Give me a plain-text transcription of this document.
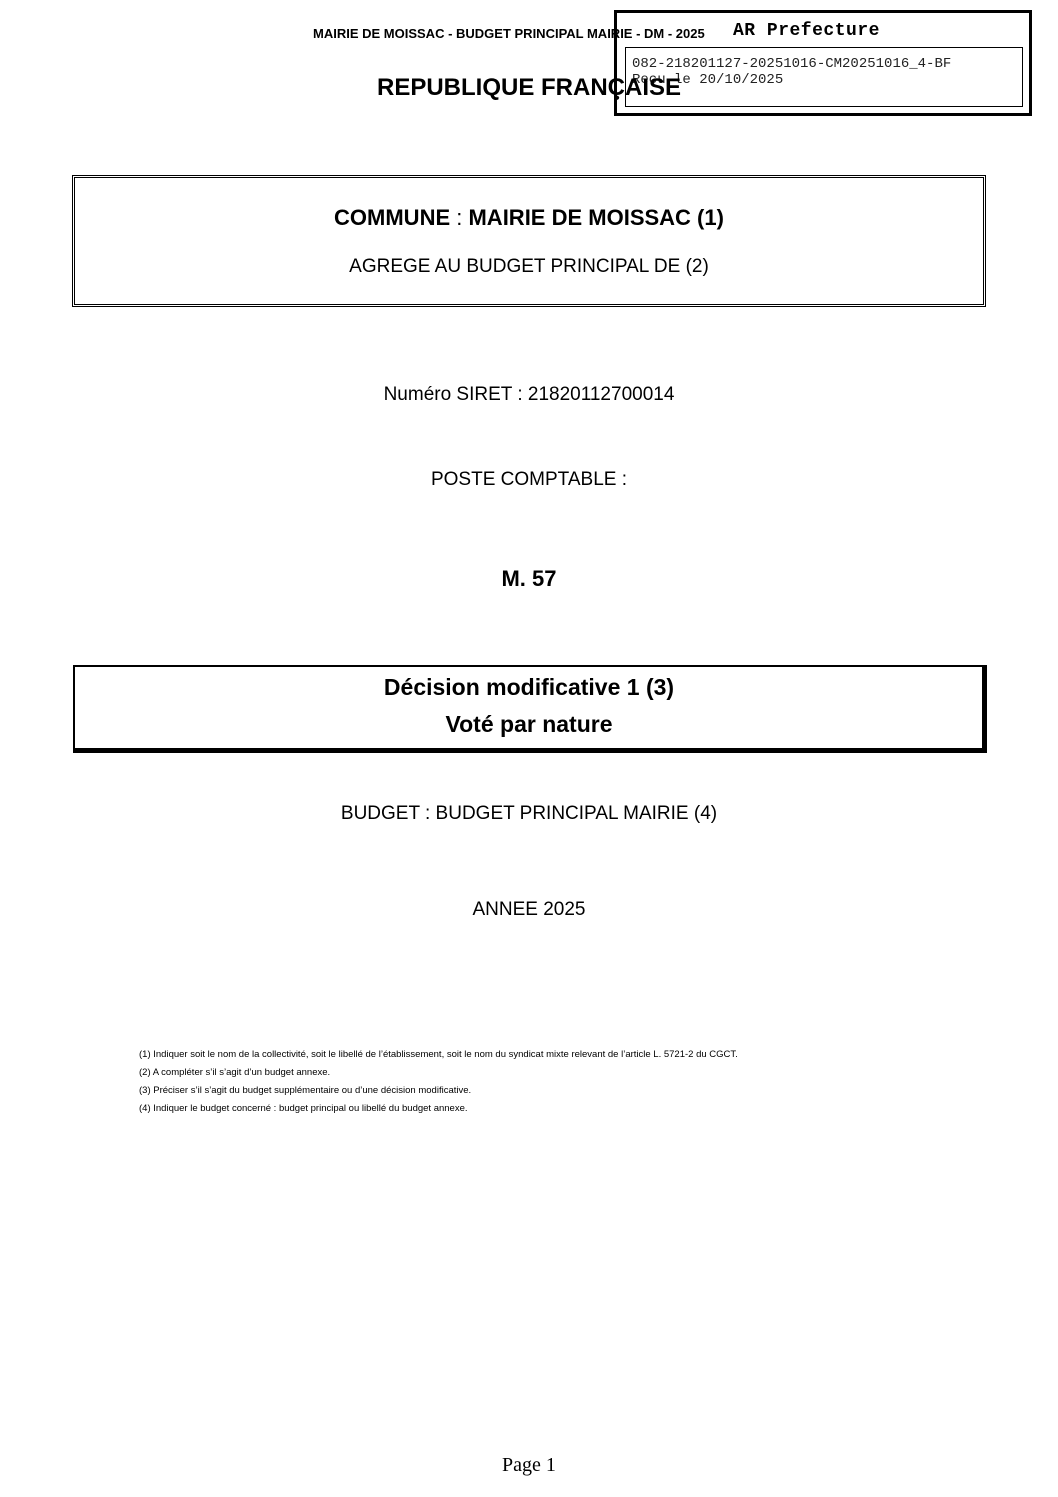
MAIRIE DE MOISSAC - BUDGET PRINCIPAL MAIRIE - DM - 2025 AR Prefecture
082-218201127-20251016-CM20251016_4-BF
Reçu le 20/10/2025
REPUBLIQUE FRANÇAISE
COMMUNE : MAIRIE DE MOISSAC (1)
AGREGE AU BUDGET PRINCIPAL DE (2)
Numéro SIRET : 21820112700014
POSTE COMPTABLE :
M. 57
Décision modificative 1 (3)
Voté par nature
BUDGET : BUDGET PRINCIPAL MAIRIE (4)
ANNEE 2025
(1) Indiquer soit le nom de la collectivité, soit le libellé de l’établissement, soit le nom du syndicat mixte relevant de l’article L. 5721-2 du CGCT.
(2) A compléter s’il s’agit d’un budget annexe.
(3) Préciser s’il s’agit du budget supplémentaire ou d’une décision modificative.
(4) Indiquer le budget concerné : budget principal ou libellé du budget annexe.
Page 1
